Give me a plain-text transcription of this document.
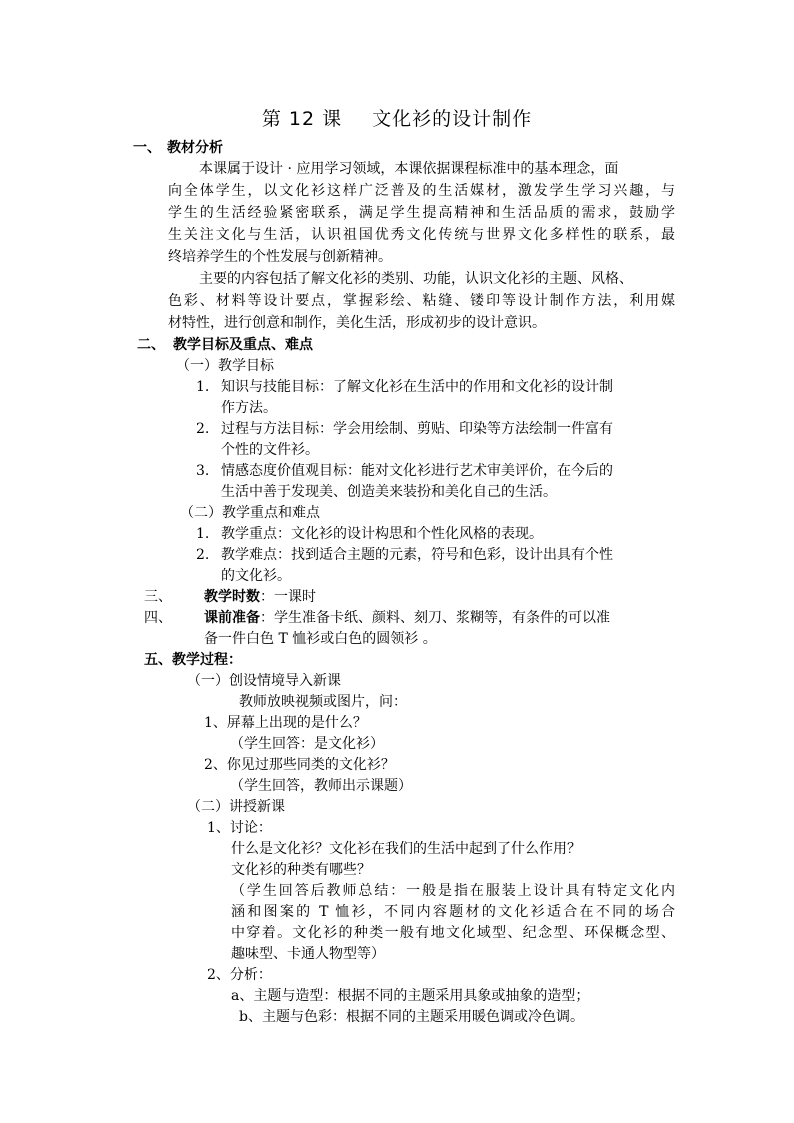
第 12 课 文化衫的设计制作
一、 教材分析
本课属于设计 · 应用学习领域，本课依据课程标准中的基本理念，面
向全体学生，以文化衫这样广泛普及的生活媒材，激发学生学习兴趣，与
学生的生活经验紧密联系，满足学生提高精神和生活品质的需求，鼓励学
生关注文化与生活，认识祖国优秀文化传统与世界文化多样性的联系，最
终培养学生的个性发展与创新精神。
主要的内容包括了解文化衫的类别、功能，认识文化衫的主题、风格、
色彩、材料等设计要点，掌握彩绘、粘缝、镂印等设计制作方法，利用媒
材特性，进行创意和制作，美化生活，形成初步的设计意识。
二、 教学目标及重点、难点
（一）教学目标
1. 知识与技能目标：了解文化衫在生活中的作用和文化衫的设计制
作方法。
2. 过程与方法目标：学会用绘制、剪贴、印染等方法绘制一件富有
个性的文件衫。
3. 情感态度价值观目标：能对文化衫进行艺术审美评价，在今后的
生活中善于发现美、创造美来装扮和美化自己的生活。
（二）教学重点和难点
1. 教学重点：文化衫的设计构思和个性化风格的表现。
2. 教学难点：找到适合主题的元素，符号和色彩，设计出具有个性
的文化衫。
三、 教学时数：一课时
四、 课前准备：学生准备卡纸、颜料、刻刀、浆糊等，有条件的可以准
备一件白色 T 恤衫或白色的圆领衫 。
五、教学过程：
（一）创设情境导入新课
教师放映视频或图片，问：
1、屏幕上出现的是什么？
（学生回答：是文化衫）
2、你见过那些同类的文化衫？
（学生回答，教师出示课题）
（二）讲授新课
1、讨论：
什么是文化衫？文化衫在我们的生活中起到了什么作用？
文化衫的种类有哪些？
（学生回答后教师总结：一般是指在服装上设计具有特定文化内
涵和图案的 T 恤衫，不同内容题材的文化衫适合在不同的场合
中穿着。文化衫的种类一般有地文化域型、纪念型、环保概念型、
趣味型、卡通人物型等）
2、分析：
a、主题与造型：根据不同的主题采用具象或抽象的造型；
b、主题与色彩：根据不同的主题采用暖色调或冷色调。
